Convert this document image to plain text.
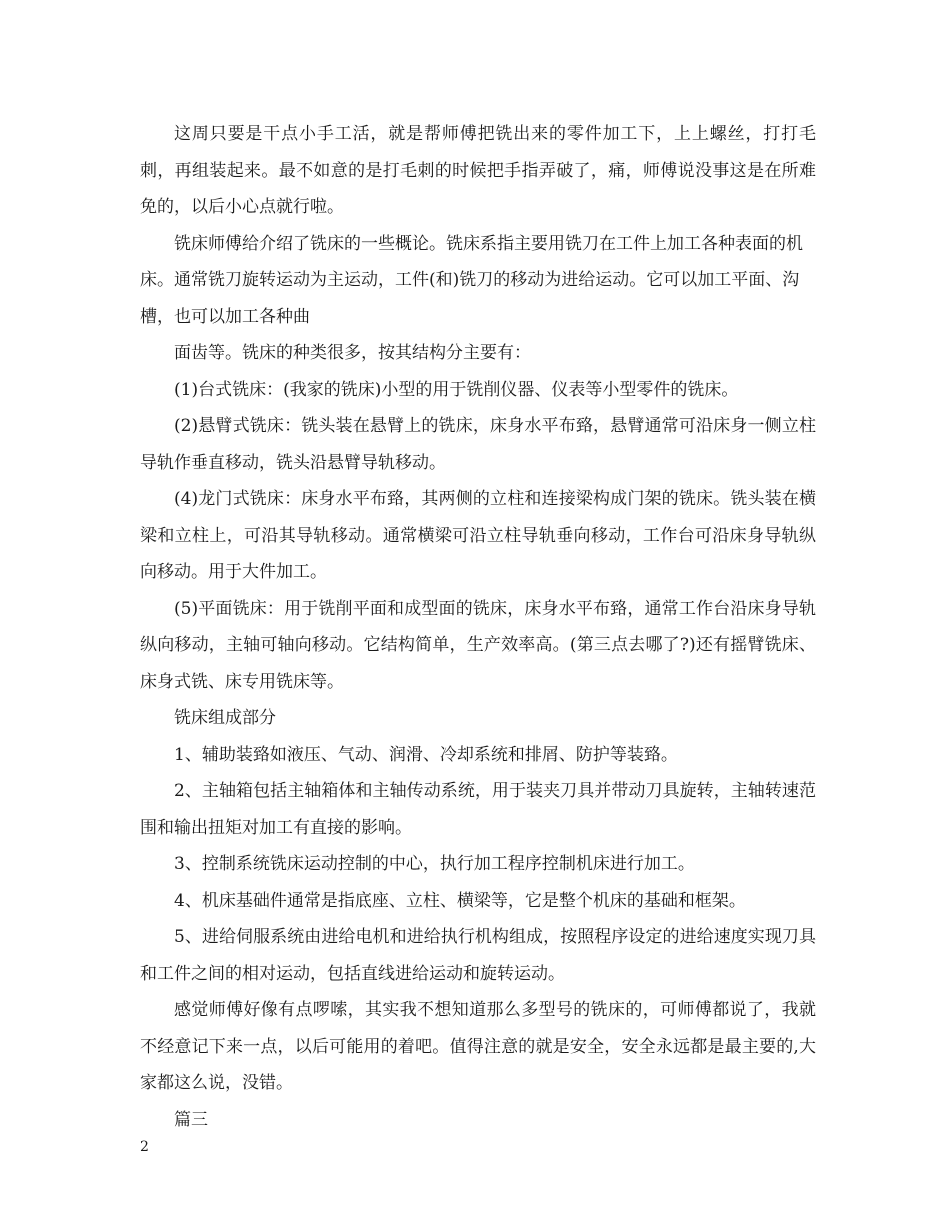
这周只要是干点小手工活，就是帮师傅把铣出来的零件加工下，上上螺丝，打打毛刺，再组装起来。最不如意的是打毛刺的时候把手指弄破了，痛，师傅说没事这是在所难免的，以后小心点就行啦。

铣床师傅给介绍了铣床的一些概论。铣床系指主要用铣刀在工件上加工各种表面的机床。通常铣刀旋转运动为主运动，工件(和)铣刀的移动为进给运动。它可以加工平面、沟槽，也可以加工各种曲

面齿等。铣床的种类很多，按其结构分主要有：

(1)台式铣床：(我家的铣床)小型的用于铣削仪器、仪表等小型零件的铣床。

(2)悬臂式铣床：铣头装在悬臂上的铣床，床身水平布臵，悬臂通常可沿床身一侧立柱导轨作垂直移动，铣头沿悬臂导轨移动。

(4)龙门式铣床：床身水平布臵，其两侧的立柱和连接梁构成门架的铣床。铣头装在横梁和立柱上，可沿其导轨移动。通常横梁可沿立柱导轨垂向移动，工作台可沿床身导轨纵向移动。用于大件加工。

(5)平面铣床：用于铣削平面和成型面的铣床，床身水平布臵，通常工作台沿床身导轨纵向移动，主轴可轴向移动。它结构简单，生产效率高。(第三点去哪了?)还有摇臂铣床、床身式铣、床专用铣床等。

铣床组成部分

1、辅助装臵如液压、气动、润滑、冷却系统和排屑、防护等装臵。

2、主轴箱包括主轴箱体和主轴传动系统，用于装夹刀具并带动刀具旋转，主轴转速范围和输出扭矩对加工有直接的影响。

3、控制系统铣床运动控制的中心，执行加工程序控制机床进行加工。

4、机床基础件通常是指底座、立柱、横梁等，它是整个机床的基础和框架。

5、进给伺服系统由进给电机和进给执行机构组成，按照程序设定的进给速度实现刀具和工件之间的相对运动，包括直线进给运动和旋转运动。

感觉师傅好像有点啰嗦，其实我不想知道那么多型号的铣床的，可师傅都说了，我就不经意记下来一点，以后可能用的着吧。值得注意的就是安全，安全永远都是最主要的,大家都这么说，没错。

篇三

2
